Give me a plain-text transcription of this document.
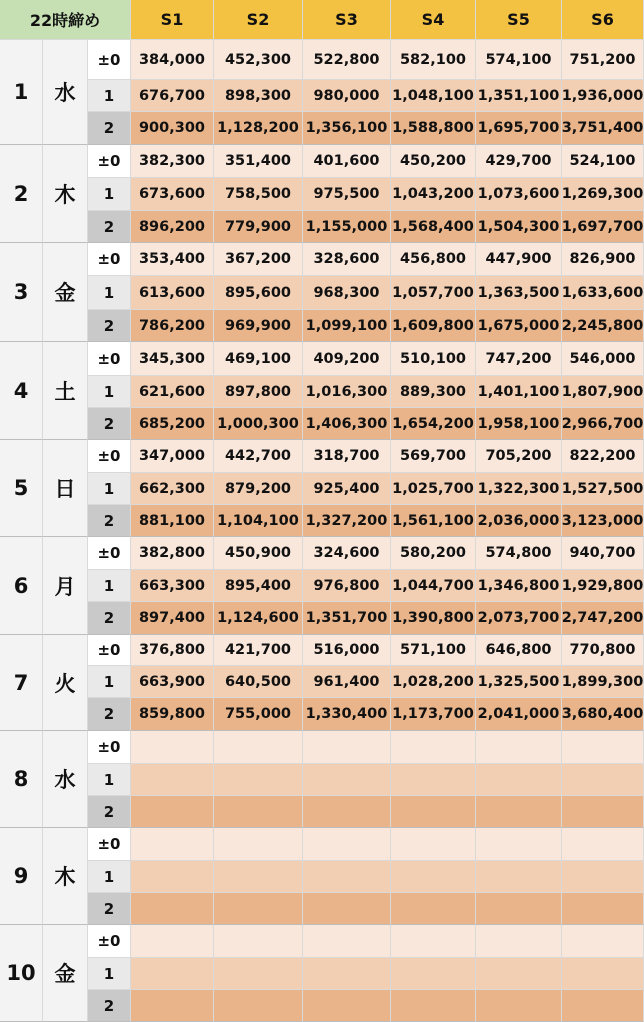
22時締め	S1	S2	S3	S4	S5	S6
1	水
±0	384,000	452,300	522,800	582,100	574,100	751,200
1	676,700	898,300	980,000 1,048,100 1,351,100 1,936,000
2	900,300 1,128,200 1,356,100 1,588,800 1,695,700 3,751,400
2	木
±0	382,300	351,400	401,600	450,200	429,700	524,100
1	673,600	758,500	975,500 1,043,200 1,073,600 1,269,300
2	896,200	779,900	1,155,000 1,568,400 1,504,300 1,697,700
3	金
±0	353,400	367,200	328,600	456,800	447,900	826,900
1	613,600	895,600	968,300 1,057,700 1,363,500 1,633,600
2	786,200	969,900	1,099,100 1,609,800 1,675,000 2,245,800
4	土
±0	345,300	469,100	409,200	510,100	747,200	546,000
1	621,600	897,800	1,016,300 889,300 1,401,100 1,807,900
2	685,200 1,000,300 1,406,300 1,654,200 1,958,100 2,966,700
5	日
±0	347,000	442,700	318,700	569,700	705,200	822,200
1	662,300	879,200	925,400 1,025,700 1,322,300 1,527,500
2	881,100 1,104,100 1,327,200 1,561,100 2,036,000 3,123,000
6	月
±0	382,800	450,900	324,600	580,200	574,800	940,700
1	663,300	895,400	976,800 1,044,700 1,346,800 1,929,800
2	897,400 1,124,600 1,351,700 1,390,800 2,073,700 2,747,200
7	火
±0	376,800	421,700	516,000	571,100	646,800	770,800
1	663,900	640,500	961,400 1,028,200 1,325,500 1,899,300
2	859,800	755,000	1,330,400 1,173,700 2,041,000 3,680,400
8	水
±0
1
2
9	木
±0
1
2
10 金
±0
1
2
